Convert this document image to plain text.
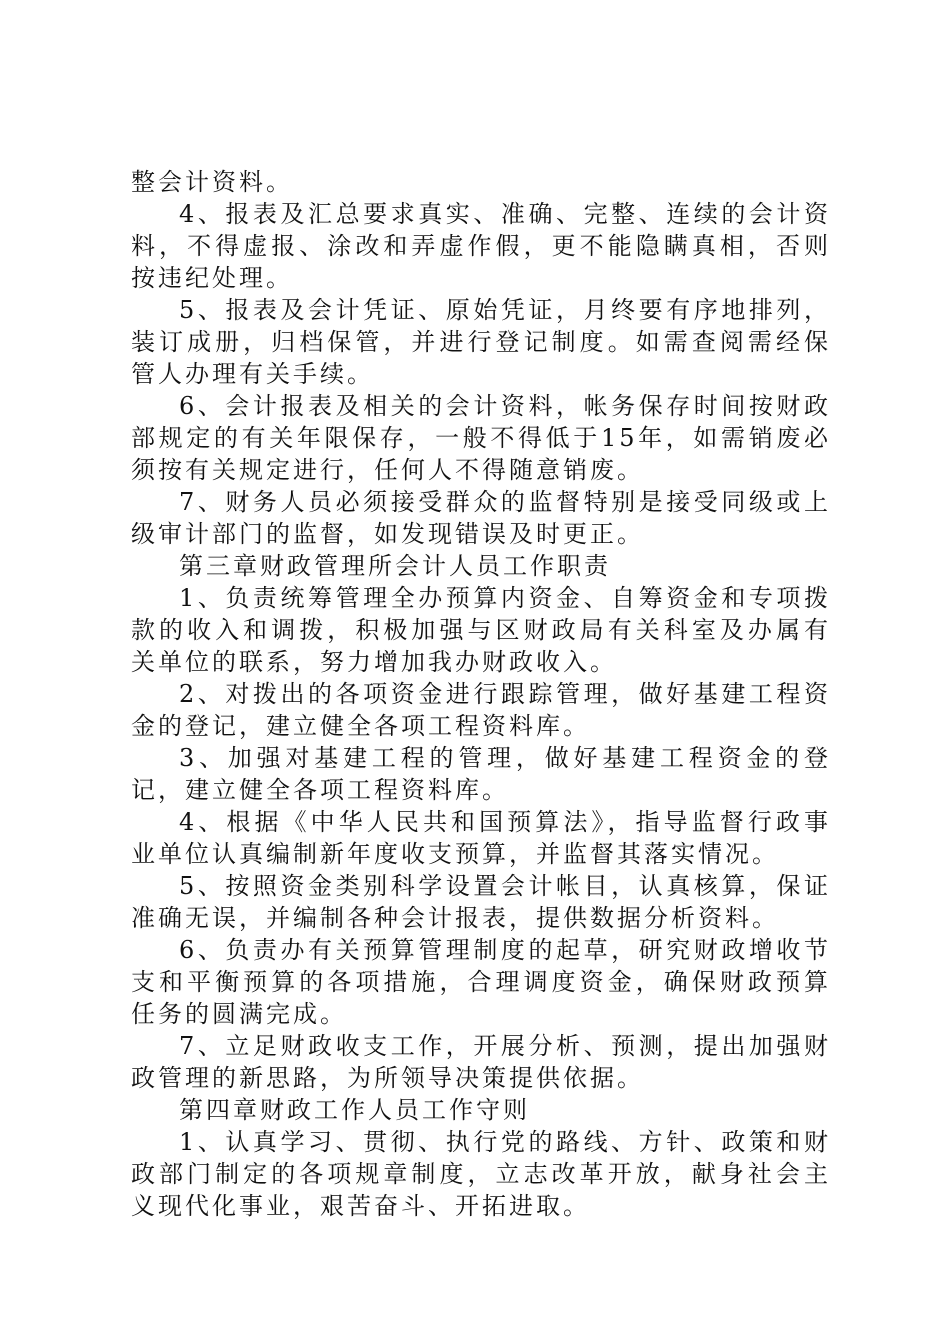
整会计资料。

4、报表及汇总要求真实、准确、完整、连续的会计资料，不得虚报、涂改和弄虚作假，更不能隐瞒真相，否则按违纪处理。

5、报表及会计凭证、原始凭证，月终要有序地排列，装订成册，归档保管，并进行登记制度。如需查阅需经保管人办理有关手续。

6、会计报表及相关的会计资料，帐务保存时间按财政部规定的有关年限保存，一般不得低于15年，如需销废必须按有关规定进行，任何人不得随意销废。

7、财务人员必须接受群众的监督特别是接受同级或上级审计部门的监督，如发现错误及时更正。

第三章财政管理所会计人员工作职责

1、负责统筹管理全办预算内资金、自筹资金和专项拨款的收入和调拨，积极加强与区财政局有关科室及办属有关单位的联系，努力增加我办财政收入。

2、对拨出的各项资金进行跟踪管理，做好基建工程资金的登记，建立健全各项工程资料库。

3、加强对基建工程的管理，做好基建工程资金的登记，建立健全各项工程资料库。

4、根据《中华人民共和国预算法》，指导监督行政事业单位认真编制新年度收支预算，并监督其落实情况。

5、按照资金类别科学设置会计帐目，认真核算，保证准确无误，并编制各种会计报表，提供数据分析资料。

6、负责办有关预算管理制度的起草，研究财政增收节支和平衡预算的各项措施，合理调度资金，确保财政预算任务的圆满完成。

7、立足财政收支工作，开展分析、预测，提出加强财政管理的新思路，为所领导决策提供依据。

第四章财政工作人员工作守则

1、认真学习、贯彻、执行党的路线、方针、政策和财政部门制定的各项规章制度，立志改革开放，献身社会主义现代化事业，艰苦奋斗、开拓进取。
